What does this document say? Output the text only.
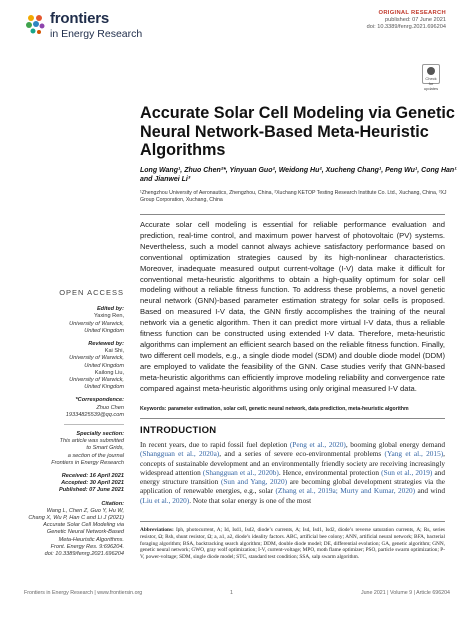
frontiers
in Energy Research
ORIGINAL RESEARCH
published: 07 June 2021
doi: 10.3389/fenrg.2021.696204
Check for updates
Accurate Solar Cell Modeling via Genetic Neural Network-Based Meta-Heuristic Algorithms
Long Wang¹, Zhuo Chen²*, Yinyuan Guo², Weidong Hu², Xucheng Chang¹, Peng Wu¹, Cong Han¹ and Jianwei Li³
¹Zhengzhou University of Aeronautics, Zhengzhou, China, ²Xuchang KETOP Testing Research Institute Co. Ltd., Xuchang, China, ³XJ Group Corporation, Xuchang, China
Accurate solar cell modeling is essential for reliable performance evaluation and prediction, real-time control, and maximum power harvest of photovoltaic (PV) systems. Nevertheless, such a model cannot always achieve satisfactory performance based on conventional optimization strategies caused by its high-nonlinear characteristics. Moreover, inadequate measured output current-voltage (I-V) data make it difficult for conventional meta-heuristic algorithms to obtain a high-quality optimum for solar cell modeling without a reliable fitness function. To address these problems, a novel genetic neural network (GNN)-based parameter estimation strategy for solar cells is proposed. Based on measured I-V data, the GNN firstly accomplishes the training of the neural network via a genetic algorithm. Then it can predict more virtual I-V data, thus a reliable fitness function can be constructed using extended I-V data. Therefore, meta-heuristic algorithms can implement an efficient search based on the reliable fitness function. Finally, two different cell models, e.g., a single diode model (SDM) and double diode model (DDM) are employed to validate the feasibility of the GNN. Case studies verify that GNN-based meta-heuristic algorithms can efficiently improve modeling reliability and convergence rate compared against meta-heuristic algorithms using only original measured I-V data.
Keywords: parameter estimation, solar cell, genetic neural network, data prediction, meta-heuristic algorithm
OPEN ACCESS
Edited by:
Yaxing Ren,
University of Warwick,
United Kingdom
Reviewed by:
Kai Shi,
University of Warwick,
United Kingdom
Kailong Liu,
University of Warwick,
United Kingdom
*Correspondence:
Zhuo Chen
19334825539@qq.com
Specialty section:
This article was submitted
to Smart Grids,
a section of the journal
Frontiers in Energy Research
Received: 16 April 2021
Accepted: 30 April 2021
Published: 07 June 2021
Citation:
Wang L, Chen Z, Guo Y, Hu W,
Chang X, Wu P, Han C and Li J (2021)
Accurate Solar Cell Modeling via
Genetic Neural Network-Based
Meta-Heuristic Algorithms.
Front. Energy Res. 9:696204.
doi: 10.3389/fenrg.2021.696204
INTRODUCTION
In recent years, due to rapid fossil fuel depletion (Peng et al., 2020), booming global energy demand (Shangguan et al., 2020a), and a series of severe eco-environmental problems (Yang et al., 2015), concepts of sustainable development and an environmentally friendly society are receiving increasingly widespread attention (Shangguan et al., 2020b). Hence, environmental protection (Sun et al., 2019) and energy structure transition (Sun and Yang, 2020) are becoming global development strategies via the application of renewable energies, e.g., solar (Zhang et al., 2019a; Murty and Kumar, 2020) and wind (Liu et al., 2020). Note that solar energy is one of the most
Abbreviations: Iph, photocurrent, A; Id, Isd1, Isd2, diode’s currents, A; Isd, Isd1, Isd2, diode’s reverse saturation currents, A; Rs, series resistor, Ω; Rsh, shunt resistor, Ω; a, a1, a2, diode’s ideality factors. ABC, artificial bee colony; ANN, artificial neural network; BFA, bacterial foraging algorithm; BSA, backtracking search algorithm; DDM, double diode model; DE, differential evolution; GA, genetic algorithm; GNN, genetic neural network; GWO, gray wolf optimization; I-V, current-voltage; MPO, moth flame optimizer; PSO, particle swarm optimization; P-V, power-voltage; SDM, single diode model; STC, standard test condition; SSA, salp swarm algorithm.
Frontiers in Energy Research | www.frontiersin.org	1	June 2021 | Volume 9 | Article 696204
